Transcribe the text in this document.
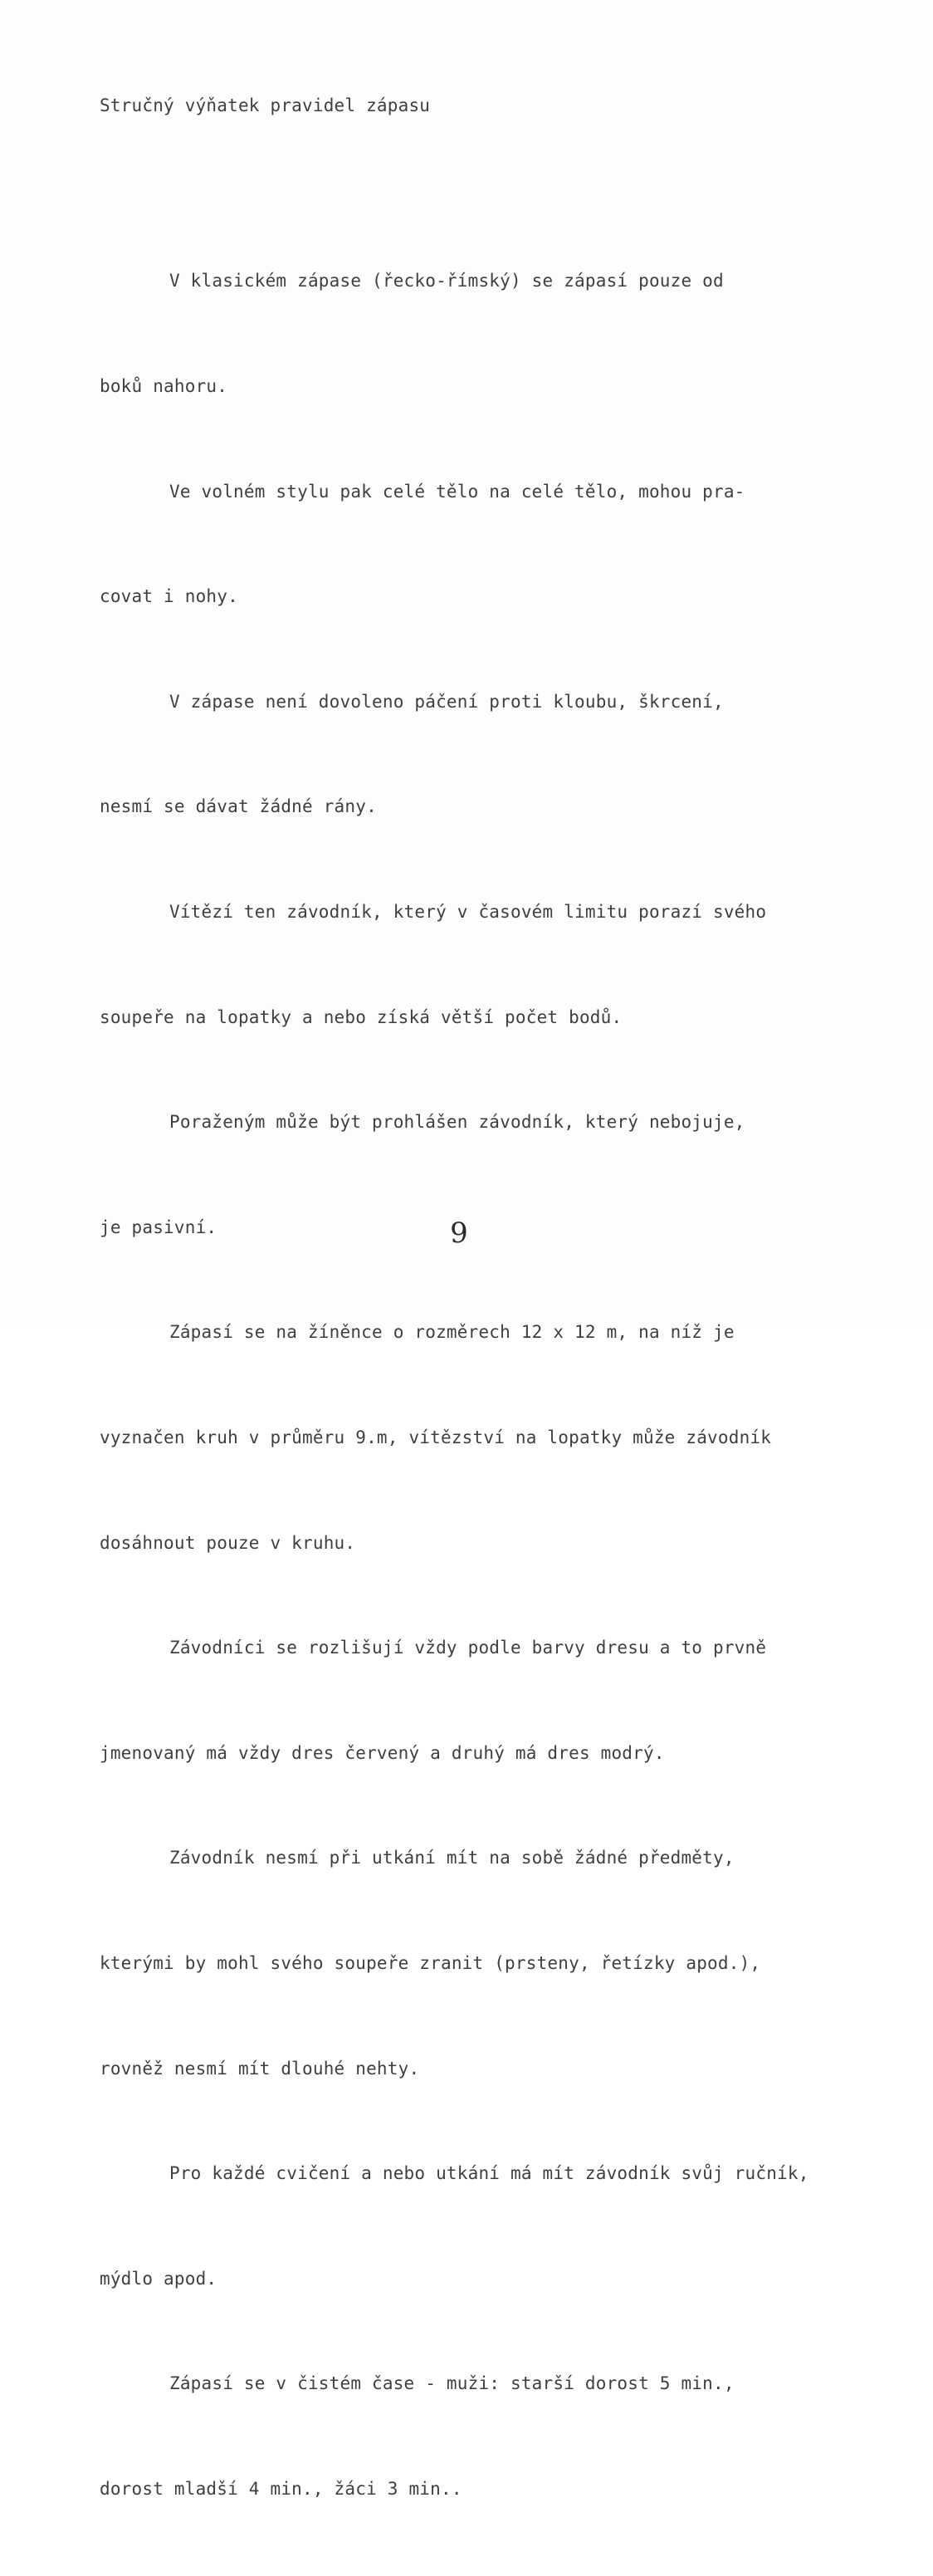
Stručný výňatek pravidel zápasu

V klasickém zápase (řecko-římský) se zápasí pouze od

boků nahoru.

Ve volném stylu pak celé tělo na celé tělo, mohou pra-

covat i nohy.

V zápase není dovoleno páčení proti kloubu, škrcení,

nesmí se dávat žádné rány.

Vítězí ten závodník, který v časovém limitu porazí svého

soupeře na lopatky a nebo získá větší počet bodů.

Poraženým může být prohlášen závodník, který nebojuje,

je pasivní.

Zápasí se na žíněnce o rozměrech 12 x 12 m, na níž je

vyznačen kruh v průměru 9.m, vítězství na lopatky může závodník

dosáhnout pouze v kruhu.

Závodníci se rozlišují vždy podle barvy dresu a to prvně

jmenovaný má vždy dres červený a druhý má dres modrý.

Závodník nesmí při utkání mít na sobě žádné předměty,

kterými by mohl svého soupeře zranit (prsteny, řetízky apod.),

rovněž nesmí mít dlouhé nehty.

Pro každé cvičení a nebo utkání má mít závodník svůj ručník,

mýdlo apod.

Zápasí se v čistém čase - muži: starší dorost 5 min.,

dorost mladší 4 min., žáci 3 min..

9
